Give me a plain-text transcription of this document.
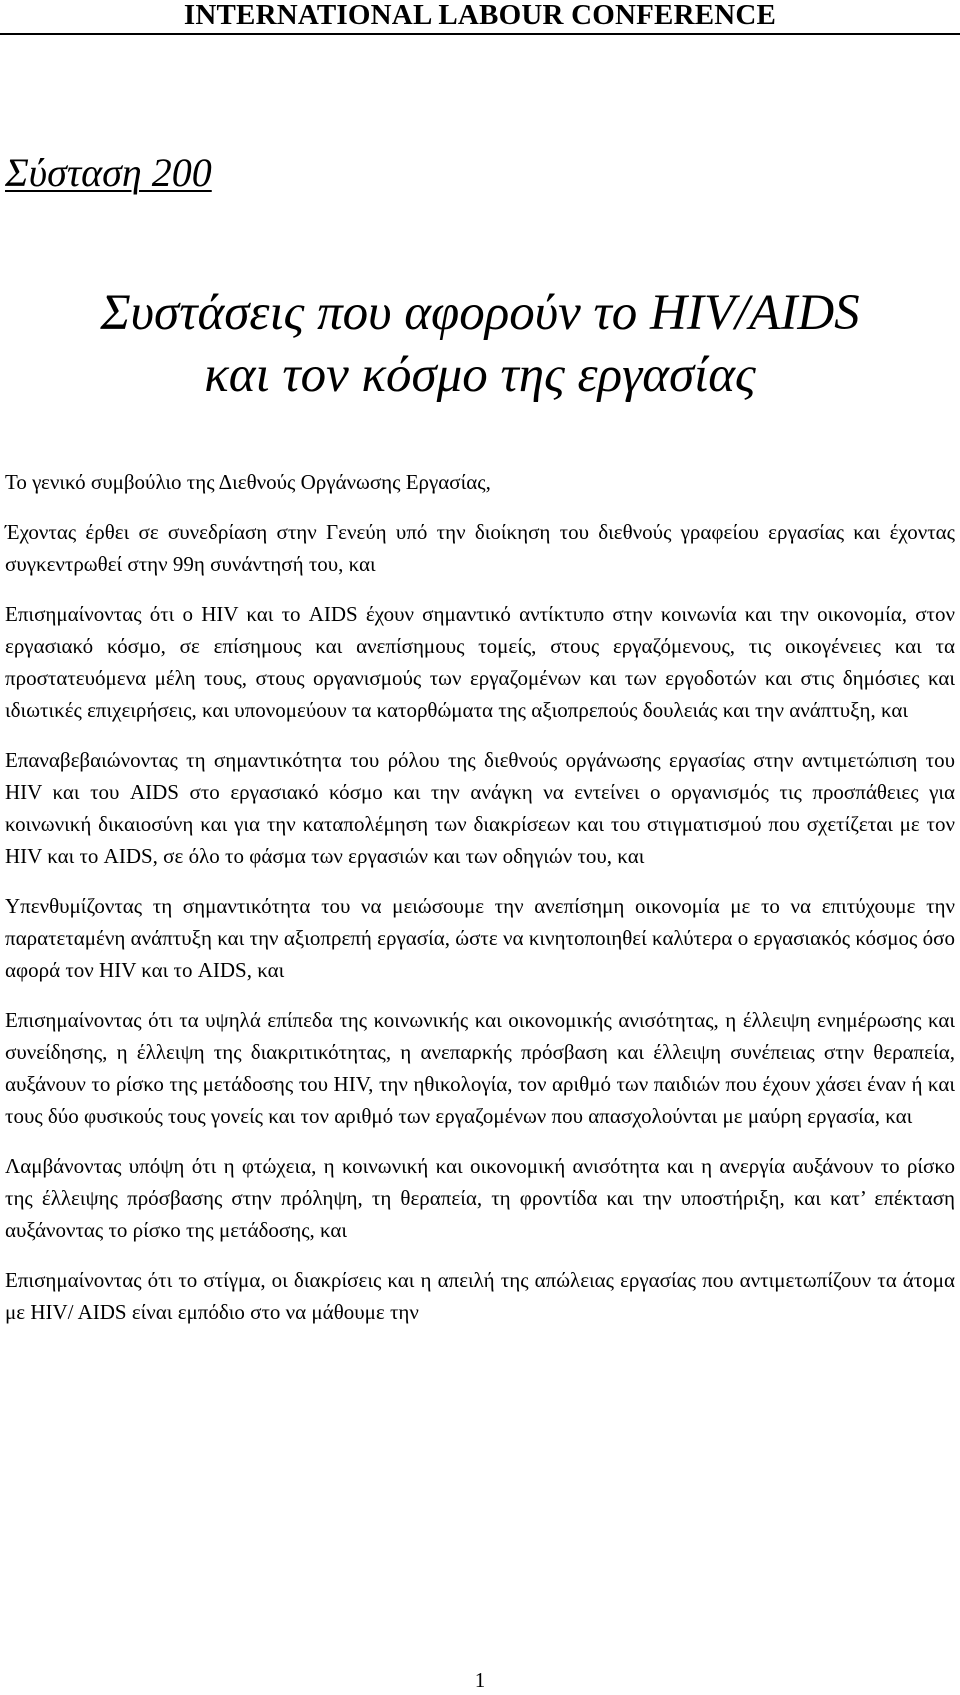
INTERNATIONAL LABOUR CONFERENCE
Σύσταση 200
Συστάσεις που αφορούν το HIV/AIDS
και τον κόσμο της εργασίας

Το γενικό συμβούλιο της Διεθνούς Οργάνωσης Εργασίας,

Έχοντας έρθει σε συνεδρίαση στην Γενεύη υπό την διοίκηση του διεθνούς γραφείου εργασίας και έχοντας συγκεντρωθεί στην 99η συνάντησή του, και

Επισημαίνοντας ότι ο HIV και το AIDS έχουν σημαντικό αντίκτυπο στην κοινωνία και την οικονομία, στον εργασιακό κόσμο, σε επίσημους και ανεπίσημους τομείς, στους εργαζόμενους, τις οικογένειες και τα προστατευόμενα μέλη τους, στους οργανισμούς των εργαζομένων και των εργοδοτών και στις δημόσιες και ιδιωτικές επιχειρήσεις, και υπονομεύουν τα κατορθώματα της αξιοπρεπούς δουλειάς και την ανάπτυξη, και

Επαναβεβαιώνοντας τη σημαντικότητα του ρόλου της διεθνούς οργάνωσης εργασίας στην αντιμετώπιση του HIV και του AIDS στο εργασιακό κόσμο και την ανάγκη να εντείνει ο οργανισμός τις προσπάθειες για κοινωνική δικαιοσύνη και για την καταπολέμηση των διακρίσεων και του στιγματισμού που σχετίζεται με τον HIV και το AIDS, σε όλο το φάσμα των εργασιών και των οδηγιών του, και

Υπενθυμίζοντας τη σημαντικότητα του να μειώσουμε την ανεπίσημη οικονομία με το να επιτύχουμε την παρατεταμένη ανάπτυξη και την αξιοπρεπή εργασία, ώστε να κινητοποιηθεί καλύτερα ο εργασιακός κόσμος όσο αφορά τον HIV και το AIDS, και

Επισημαίνοντας ότι τα υψηλά επίπεδα της κοινωνικής και οικονομικής ανισότητας, η έλλειψη ενημέρωσης και συνείδησης, η έλλειψη της διακριτικότητας, η ανεπαρκής πρόσβαση και έλλειψη συνέπειας στην θεραπεία, αυξάνουν το ρίσκο της μετάδοσης του HIV, την ηθικολογία, τον αριθμό των παιδιών που έχουν χάσει έναν ή και τους δύο φυσικούς τους γονείς και τον αριθμό των εργαζομένων που απασχολούνται με μαύρη εργασία, και

Λαμβάνοντας υπόψη ότι η φτώχεια, η κοινωνική και οικονομική ανισότητα και η ανεργία αυξάνουν το ρίσκο της έλλειψης πρόσβασης στην πρόληψη, τη θεραπεία, τη φροντίδα και την υποστήριξη, και κατ’ επέκταση αυξάνοντας το ρίσκο της μετάδοσης, και

Επισημαίνοντας ότι το στίγμα, οι διακρίσεις και η απειλή της απώλειας εργασίας που αντιμετωπίζουν τα άτομα με HIV/ AIDS είναι εμπόδιο στο να μάθουμε την

1
